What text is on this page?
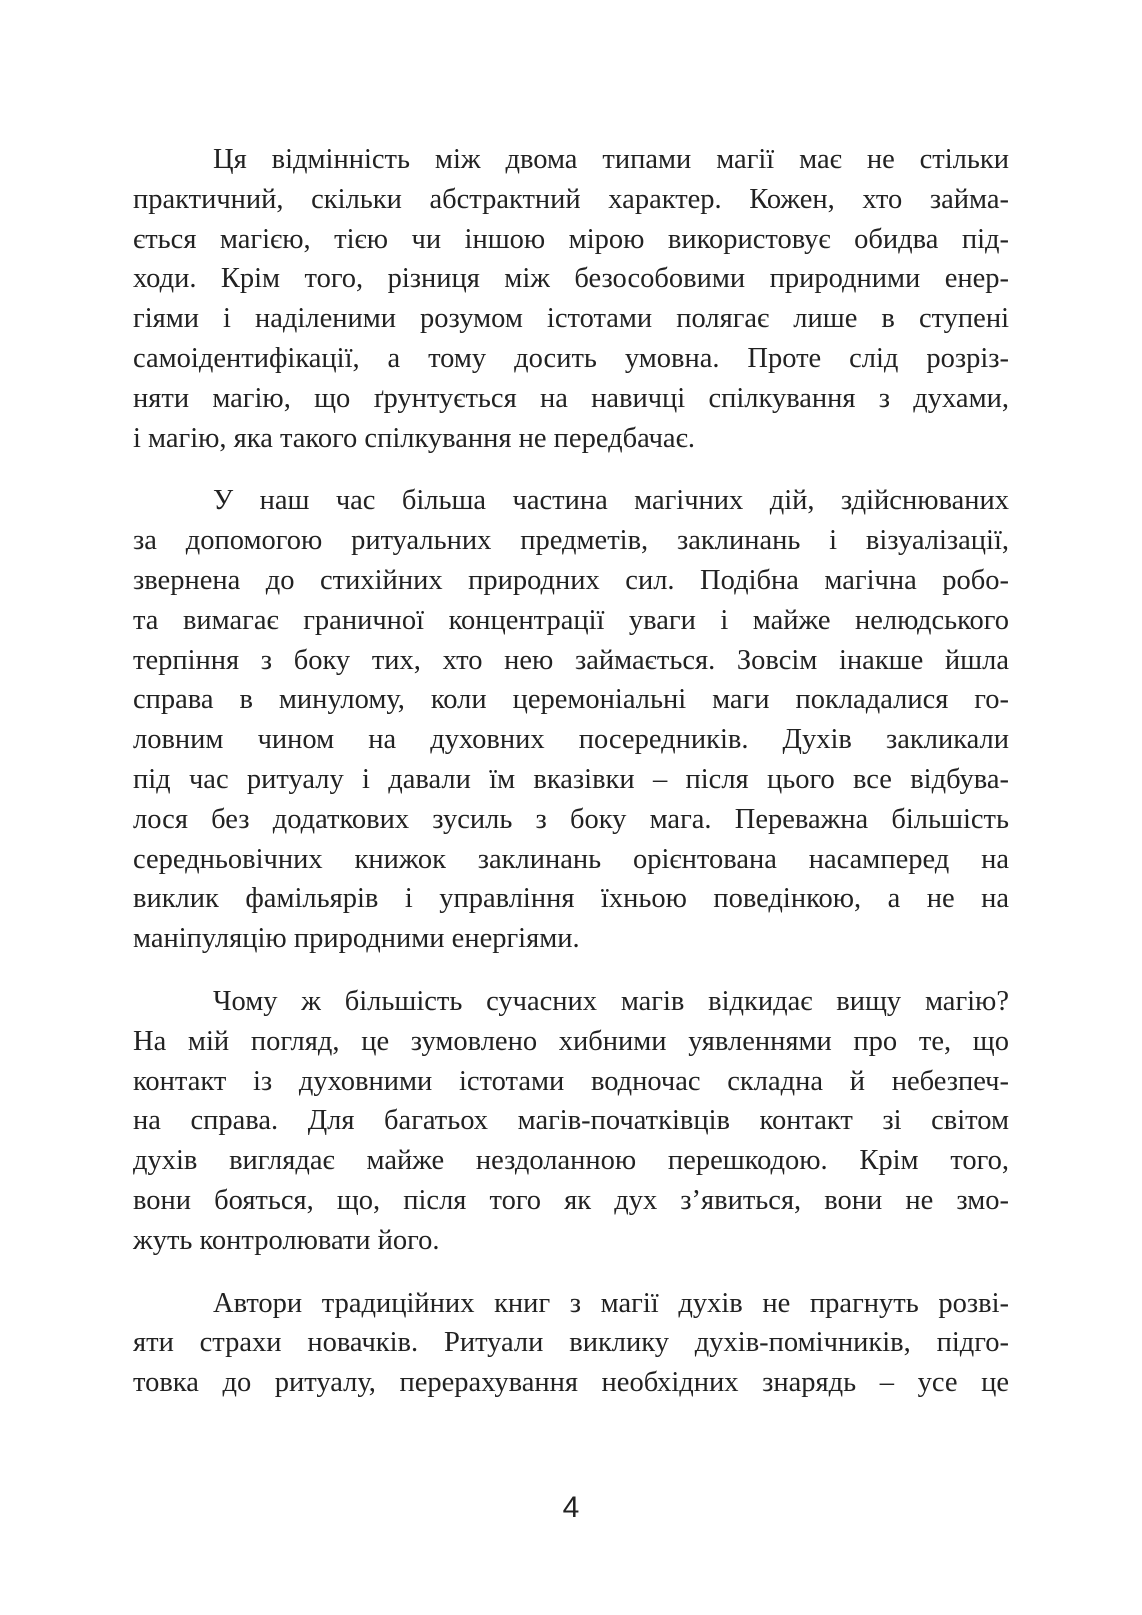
Ця відмінність між двома типами магії має не стільки
практичний, скільки абстрактний характер. Кожен, хто займа-
ється магією, тією чи іншою мірою використовує обидва під-
ходи. Крім того, різниця між безособовими природними енер-
гіями і наділеними розумом істотами полягає лише в ступені
самоідентифікації, а тому досить умовна. Проте слід розріз-
няти магію, що ґрунтується на навичці спілкування з духами,
і магію, яка такого спілкування не передбачає.

У наш час більша частина магічних дій, здійснюваних
за допомогою ритуальних предметів, заклинань і візуалізації,
звернена до стихійних природних сил. Подібна магічна робо-
та вимагає граничної концентрації уваги і майже нелюдського
терпіння з боку тих, хто нею займається. Зовсім інакше йшла
справа в минулому, коли церемоніальні маги покладалися го-
ловним чином на духовних посередників. Духів закликали
під час ритуалу і давали їм вказівки – після цього все відбува-
лося без додаткових зусиль з боку мага. Переважна більшість
середньовічних книжок заклинань орієнтована насамперед на
виклик фамільярів і управління їхньою поведінкою, а не на
маніпуляцію природними енергіями.

Чому ж більшість сучасних магів відкидає вищу магію?
На мій погляд, це зумовлено хибними уявленнями про те, що
контакт із духовними істотами водночас складна й небезпеч-
на справа. Для багатьох магів-початківців контакт зі світом
духів виглядає майже нездоланною перешкодою. Крім того,
вони бояться, що, після того як дух з’явиться, вони не змо-
жуть контролювати його.

Автори традиційних книг з магії духів не прагнуть розві-
яти страхи новачків. Ритуали виклику духів-помічників, підго-
товка до ритуалу, перерахування необхідних знарядь – усе це

4
